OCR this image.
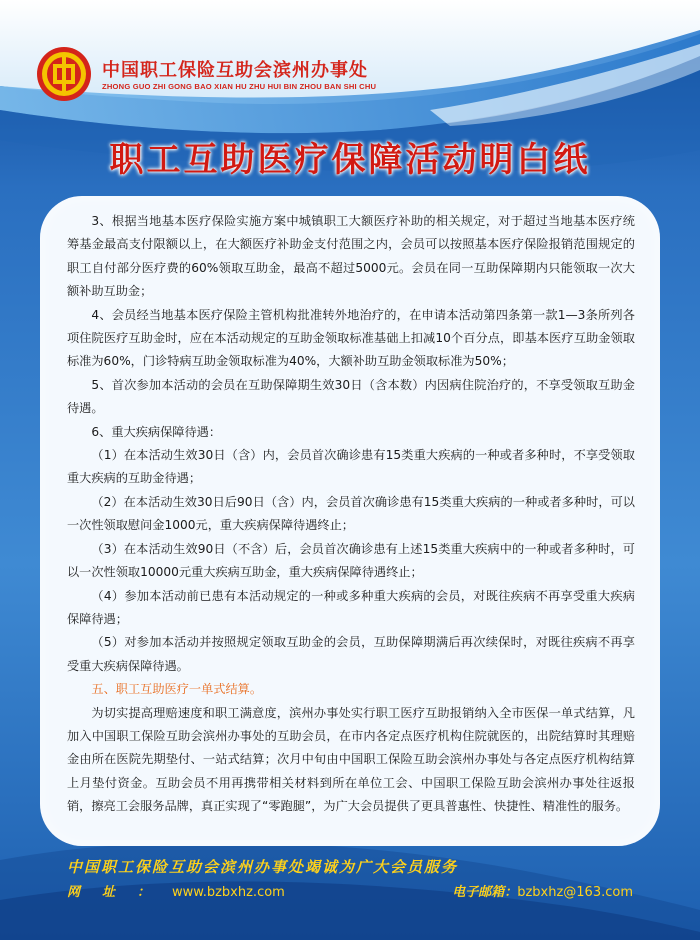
中国职工保险互助会滨州办事处
ZHONG GUO ZHI GONG BAO XIAN HU ZHU HUI BIN ZHOU BAN SHI CHU
职工互助医疗保障活动明白纸

3、根据当地基本医疗保险实施方案中城镇职工大额医疗补助的相关规定，对于超过当地基本医疗统筹基金最高支付限额以上，在大额医疗补助金支付范围之内，会员可以按照基本医疗保险报销范围规定的职工自付部分医疗费的60%领取互助金，最高不超过5000元。会员在同一互助保障期内只能领取一次大额补助互助金；

4、会员经当地基本医疗保险主管机构批准转外地治疗的，在申请本活动第四条第一款1—3条所列各项住院医疗互助金时，应在本活动规定的互助金领取标准基础上扣减10个百分点，即基本医疗互助金领取标准为60%，门诊特病互助金领取标准为40%，大额补助互助金领取标准为50%；

5、首次参加本活动的会员在互助保障期生效30日（含本数）内因病住院治疗的，不享受领取互助金待遇。

6、重大疾病保障待遇：

（1）在本活动生效30日（含）内，会员首次确诊患有15类重大疾病的一种或者多种时，不享受领取重大疾病的互助金待遇；

（2）在本活动生效30日后90日（含）内，会员首次确诊患有15类重大疾病的一种或者多种时，可以一次性领取慰问金1000元，重大疾病保障待遇终止；

（3）在本活动生效90日（不含）后，会员首次确诊患有上述15类重大疾病中的一种或者多种时，可以一次性领取10000元重大疾病互助金，重大疾病保障待遇终止；

（4）参加本活动前已患有本活动规定的一种或多种重大疾病的会员，对既往疾病不再享受重大疾病保障待遇；

（5）对参加本活动并按照规定领取互助金的会员，互助保障期满后再次续保时，对既往疾病不再享受重大疾病保障待遇。

五、职工互助医疗一单式结算。

为切实提高理赔速度和职工满意度，滨州办事处实行职工医疗互助报销纳入全市医保一单式结算，凡加入中国职工保险互助会滨州办事处的互助会员，在市内各定点医疗机构住院就医的，出院结算时其理赔金由所在医院先期垫付、一站式结算；次月中旬由中国职工保险互助会滨州办事处与各定点医疗机构结算上月垫付资金。互助会员不用再携带相关材料到所在单位工会、中国职工保险互助会滨州办事处往返报销，擦亮工会服务品牌，真正实现了“零跑腿”，为广大会员提供了更具普惠性、快捷性、精准性的服务。

中国职工保险互助会滨州办事处竭诚为广大会员服务
网址：www.bzbxhz.com	电子邮箱：bzbxhz@163.com
